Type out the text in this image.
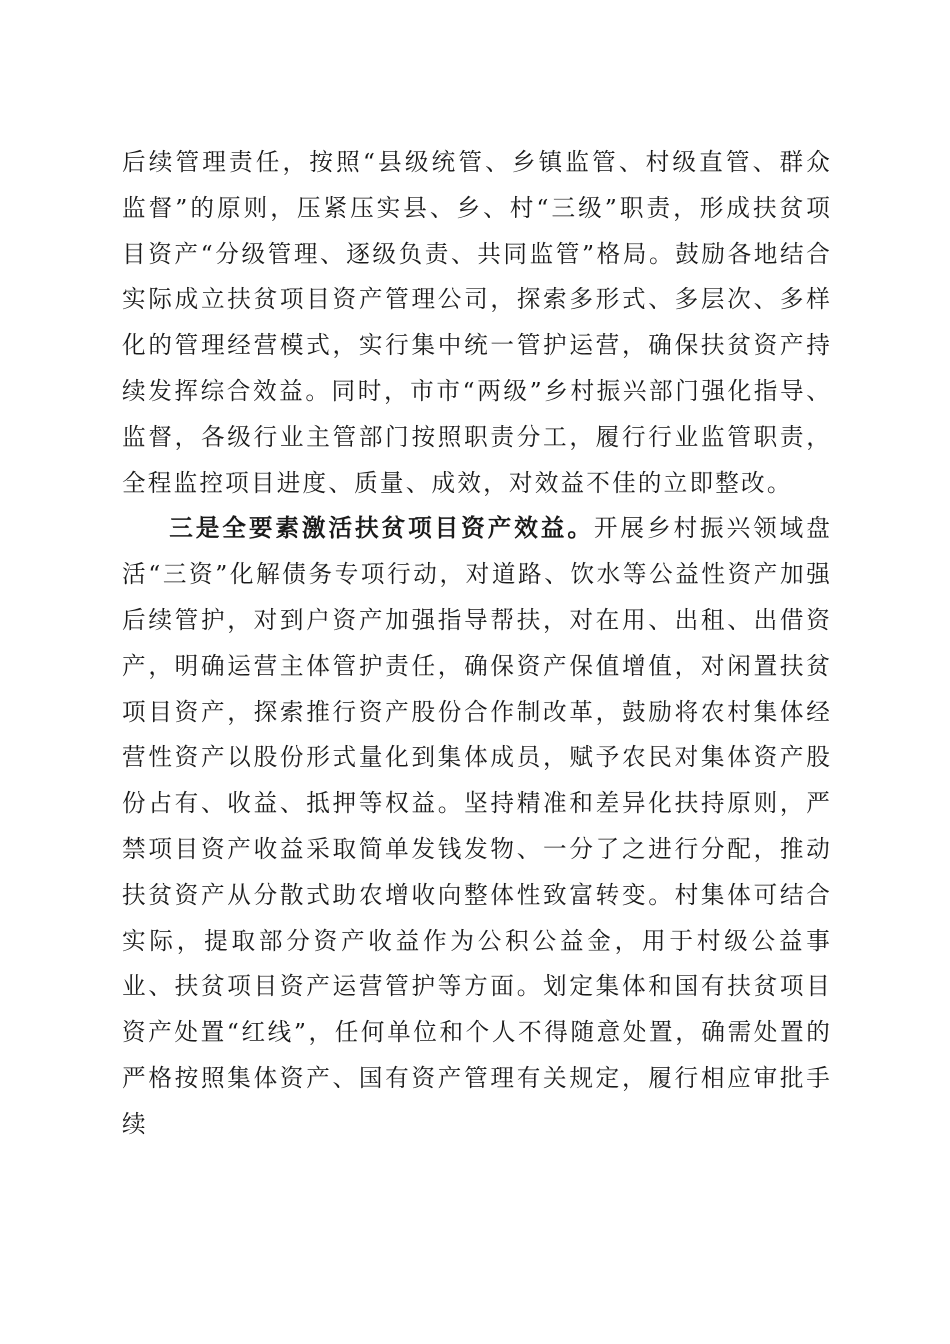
后续管理责任，按照“县级统管、乡镇监管、村级直管、群众监督”的原则，压紧压实县、乡、村“三级”职责，形成扶贫项目资产“分级管理、逐级负责、共同监管”格局。鼓励各地结合实际成立扶贫项目资产管理公司，探索多形式、多层次、多样化的管理经营模式，实行集中统一管护运营，确保扶贫资产持续发挥综合效益。同时，市市“两级”乡村振兴部门强化指导、监督，各级行业主管部门按照职责分工，履行行业监管职责，全程监控项目进度、质量、成效，对效益不佳的立即整改。

三是全要素激活扶贫项目资产效益。开展乡村振兴领域盘活“三资”化解债务专项行动，对道路、饮水等公益性资产加强后续管护，对到户资产加强指导帮扶，对在用、出租、出借资产，明确运营主体管护责任，确保资产保值增值，对闲置扶贫项目资产，探索推行资产股份合作制改革，鼓励将农村集体经营性资产以股份形式量化到集体成员，赋予农民对集体资产股份占有、收益、抵押等权益。坚持精准和差异化扶持原则，严禁项目资产收益采取简单发钱发物、一分了之进行分配，推动扶贫资产从分散式助农增收向整体性致富转变。村集体可结合实际，提取部分资产收益作为公积公益金，用于村级公益事业、扶贫项目资产运营管护等方面。划定集体和国有扶贫项目资产处置“红线”，任何单位和个人不得随意处置，确需处置的严格按照集体资产、国有资产管理有关规定，履行相应审批手续
